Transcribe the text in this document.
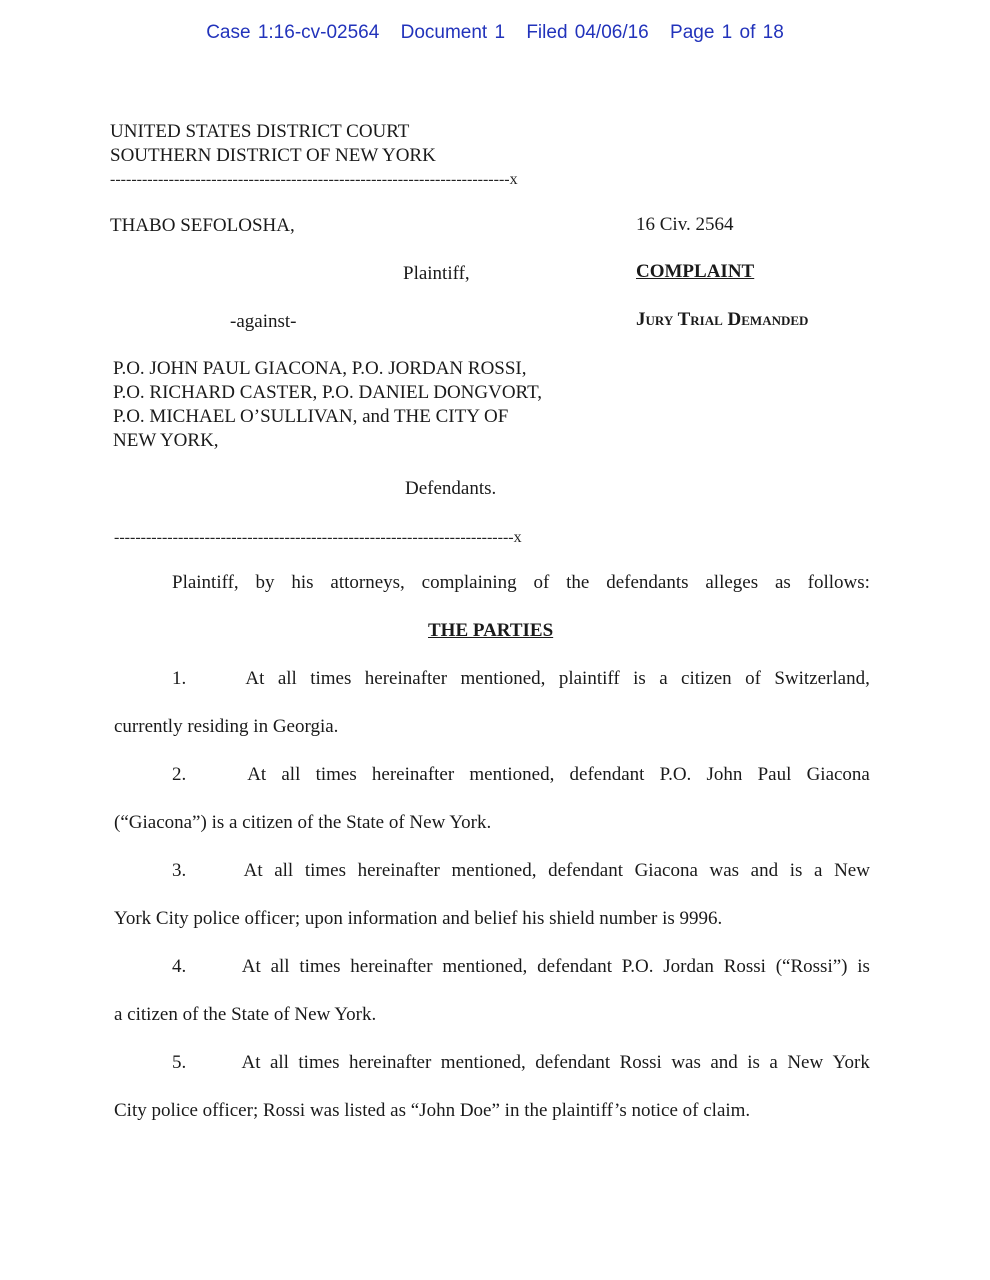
Case 1:16-cv-02564 Document 1 Filed 04/06/16 Page 1 of 18
UNITED STATES DISTRICT COURT
SOUTHERN DISTRICT OF NEW YORK
---------------------------------------------------------------------------x
THABO SEFOLOSHA,	16 Civ. 2564
Plaintiff,	COMPLAINT
-against-	Jury Trial Demanded
P.O. JOHN PAUL GIACONA, P.O. JORDAN ROSSI,
P.O. RICHARD CASTER, P.O. DANIEL DONGVORT,
P.O. MICHAEL O’SULLIVAN, and THE CITY OF
NEW YORK,
Defendants.
---------------------------------------------------------------------------x
Plaintiff, by his attorneys, complaining of the defendants alleges as follows:
THE PARTIES
1.	At all times hereinafter mentioned, plaintiff is a citizen of Switzerland,
currently residing in Georgia.
2.	At all times hereinafter mentioned, defendant P.O. John Paul Giacona
(“Giacona”) is a citizen of the State of New York.
3.	At all times hereinafter mentioned, defendant Giacona was and is a New
York City police officer; upon information and belief his shield number is 9996.
4.	At all times hereinafter mentioned, defendant P.O. Jordan Rossi (“Rossi”) is
a citizen of the State of New York.
5.	At all times hereinafter mentioned, defendant Rossi was and is a New York
City police officer; Rossi was listed as “John Doe” in the plaintiff’s notice of claim.
